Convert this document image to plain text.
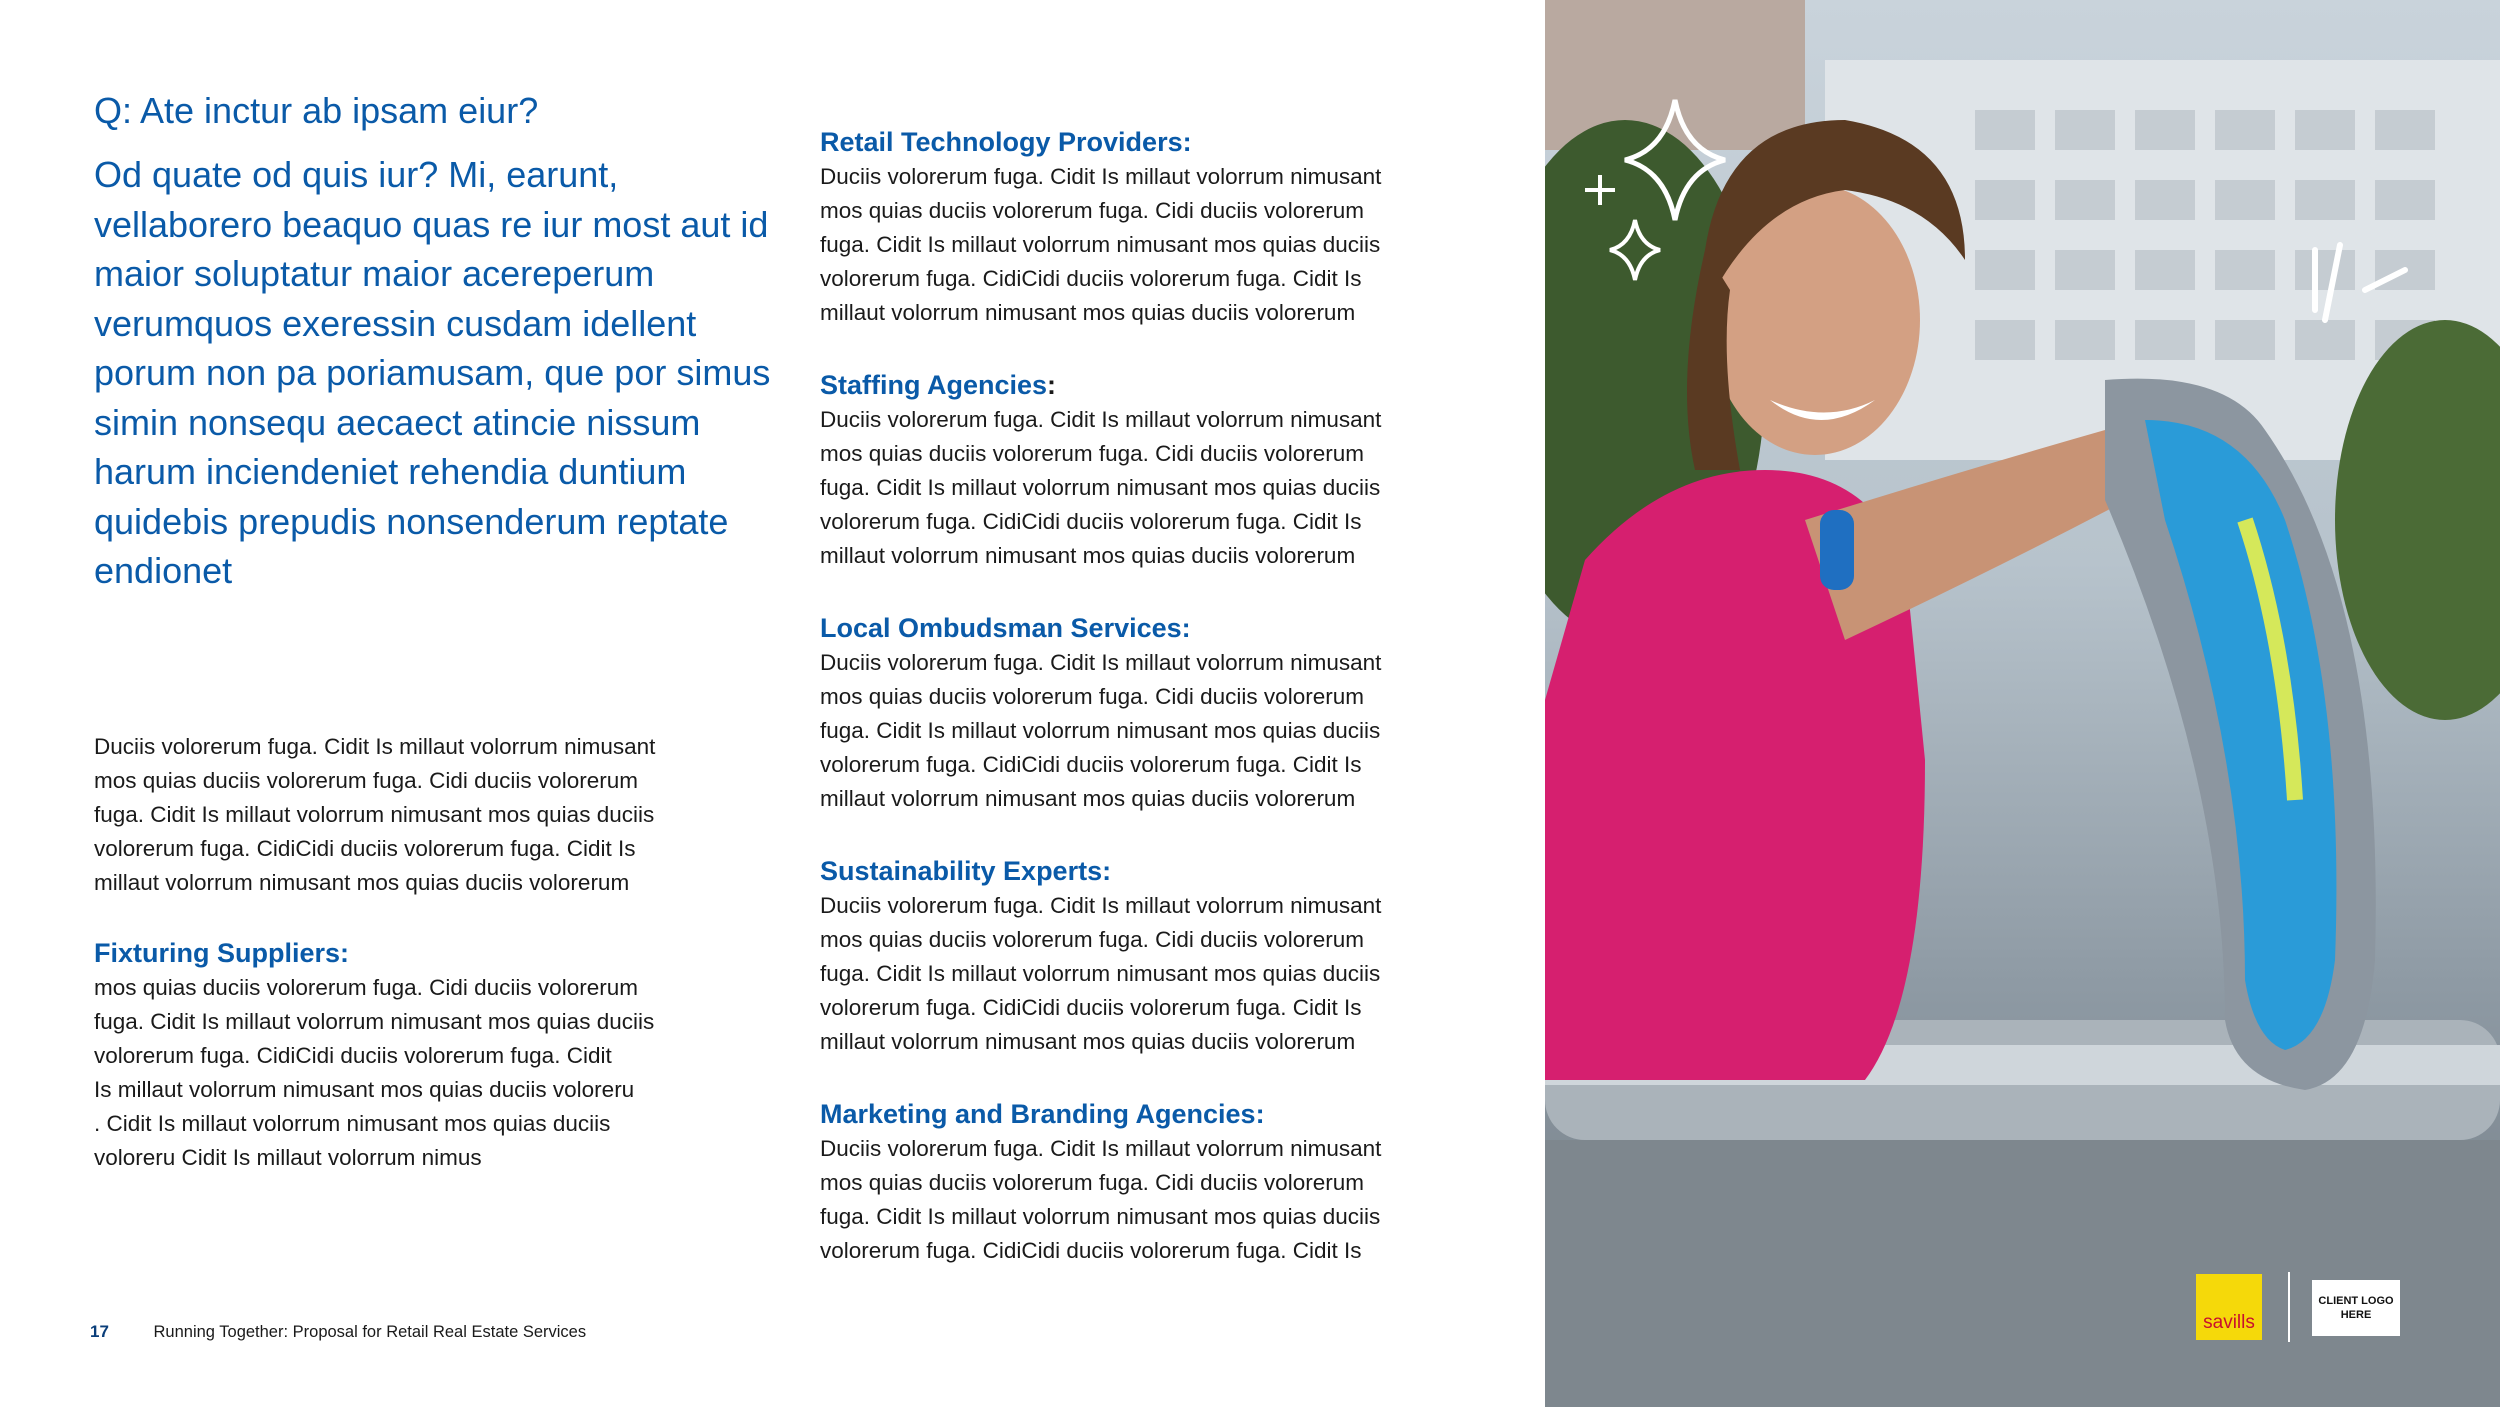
Q: Ate inctur ab ipsam eiur?

Od quate od quis iur? Mi, earunt, vellaborero beaquo quas re iur most aut id maior soluptatur maior acereperum verumquos exeressin cusdam idellent porum non pa poriamusam, que por simus simin nonsequ aecaect atincie nissum harum inciendeniet rehendia duntium quidebis prepudis nonsenderum reptate endionet

Duciis volorerum fuga. Cidit Is millaut volorrum nimusant
mos quias duciis volorerum fuga. Cidi duciis volorerum
fuga. Cidit Is millaut volorrum nimusant mos quias duciis
volorerum fuga. CidiCidi duciis volorerum fuga. Cidit Is
millaut volorrum nimusant mos quias duciis volorerum

Fixturing Suppliers:

mos quias duciis volorerum fuga. Cidi duciis volorerum
fuga. Cidit Is millaut volorrum nimusant mos quias duciis
volorerum fuga. CidiCidi duciis volorerum fuga. Cidit
Is millaut volorrum nimusant mos quias duciis voloreru
. Cidit Is millaut volorrum nimusant mos quias duciis
voloreru Cidit Is millaut volorrum nimus

Retail Technology Providers:

Duciis volorerum fuga. Cidit Is millaut volorrum nimusant
mos quias duciis volorerum fuga. Cidi duciis volorerum
fuga. Cidit Is millaut volorrum nimusant mos quias duciis
volorerum fuga. CidiCidi duciis volorerum fuga. Cidit Is
millaut volorrum nimusant mos quias duciis volorerum

Staffing Agencies:

Duciis volorerum fuga. Cidit Is millaut volorrum nimusant
mos quias duciis volorerum fuga. Cidi duciis volorerum
fuga. Cidit Is millaut volorrum nimusant mos quias duciis
volorerum fuga. CidiCidi duciis volorerum fuga. Cidit Is
millaut volorrum nimusant mos quias duciis volorerum

Local Ombudsman Services:

Duciis volorerum fuga. Cidit Is millaut volorrum nimusant
mos quias duciis volorerum fuga. Cidi duciis volorerum
fuga. Cidit Is millaut volorrum nimusant mos quias duciis
volorerum fuga. CidiCidi duciis volorerum fuga. Cidit Is
millaut volorrum nimusant mos quias duciis volorerum

Sustainability Experts:

Duciis volorerum fuga. Cidit Is millaut volorrum nimusant
mos quias duciis volorerum fuga. Cidi duciis volorerum
fuga. Cidit Is millaut volorrum nimusant mos quias duciis
volorerum fuga. CidiCidi duciis volorerum fuga. Cidit Is
millaut volorrum nimusant mos quias duciis volorerum

Marketing and Branding Agencies:

Duciis volorerum fuga. Cidit Is millaut volorrum nimusant
mos quias duciis volorerum fuga. Cidi duciis volorerum
fuga. Cidit Is millaut volorrum nimusant mos quias duciis
volorerum fuga. CidiCidi duciis volorerum fuga. Cidit Is

17	Running Together: Proposal for Retail Real Estate Services	savills
CLIENT LOGO HERE
